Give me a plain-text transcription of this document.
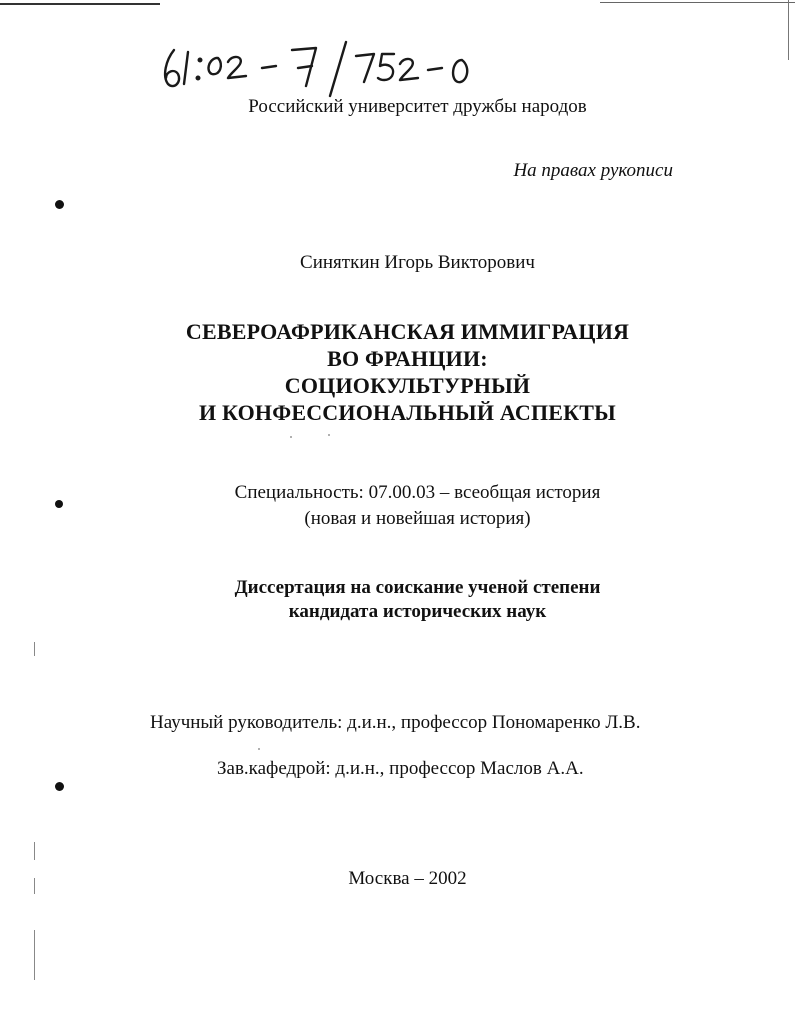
Российский университет дружбы народов
На правах рукописи
Синяткин Игорь Викторович
СЕВЕРОАФРИКАНСКАЯ ИММИГРАЦИЯ
ВО ФРАНЦИИ:
СОЦИОКУЛЬТУРНЫЙ
И КОНФЕССИОНАЛЬНЫЙ АСПЕКТЫ
Специальность: 07.00.03 – всеобщая история
(новая и новейшая история)
Диссертация на соискание ученой степени
кандидата исторических наук
Научный руководитель: д.и.н., профессор Пономаренко Л.В.
Зав.кафедрой: д.и.н., профессор Маслов А.А.
Москва – 2002
